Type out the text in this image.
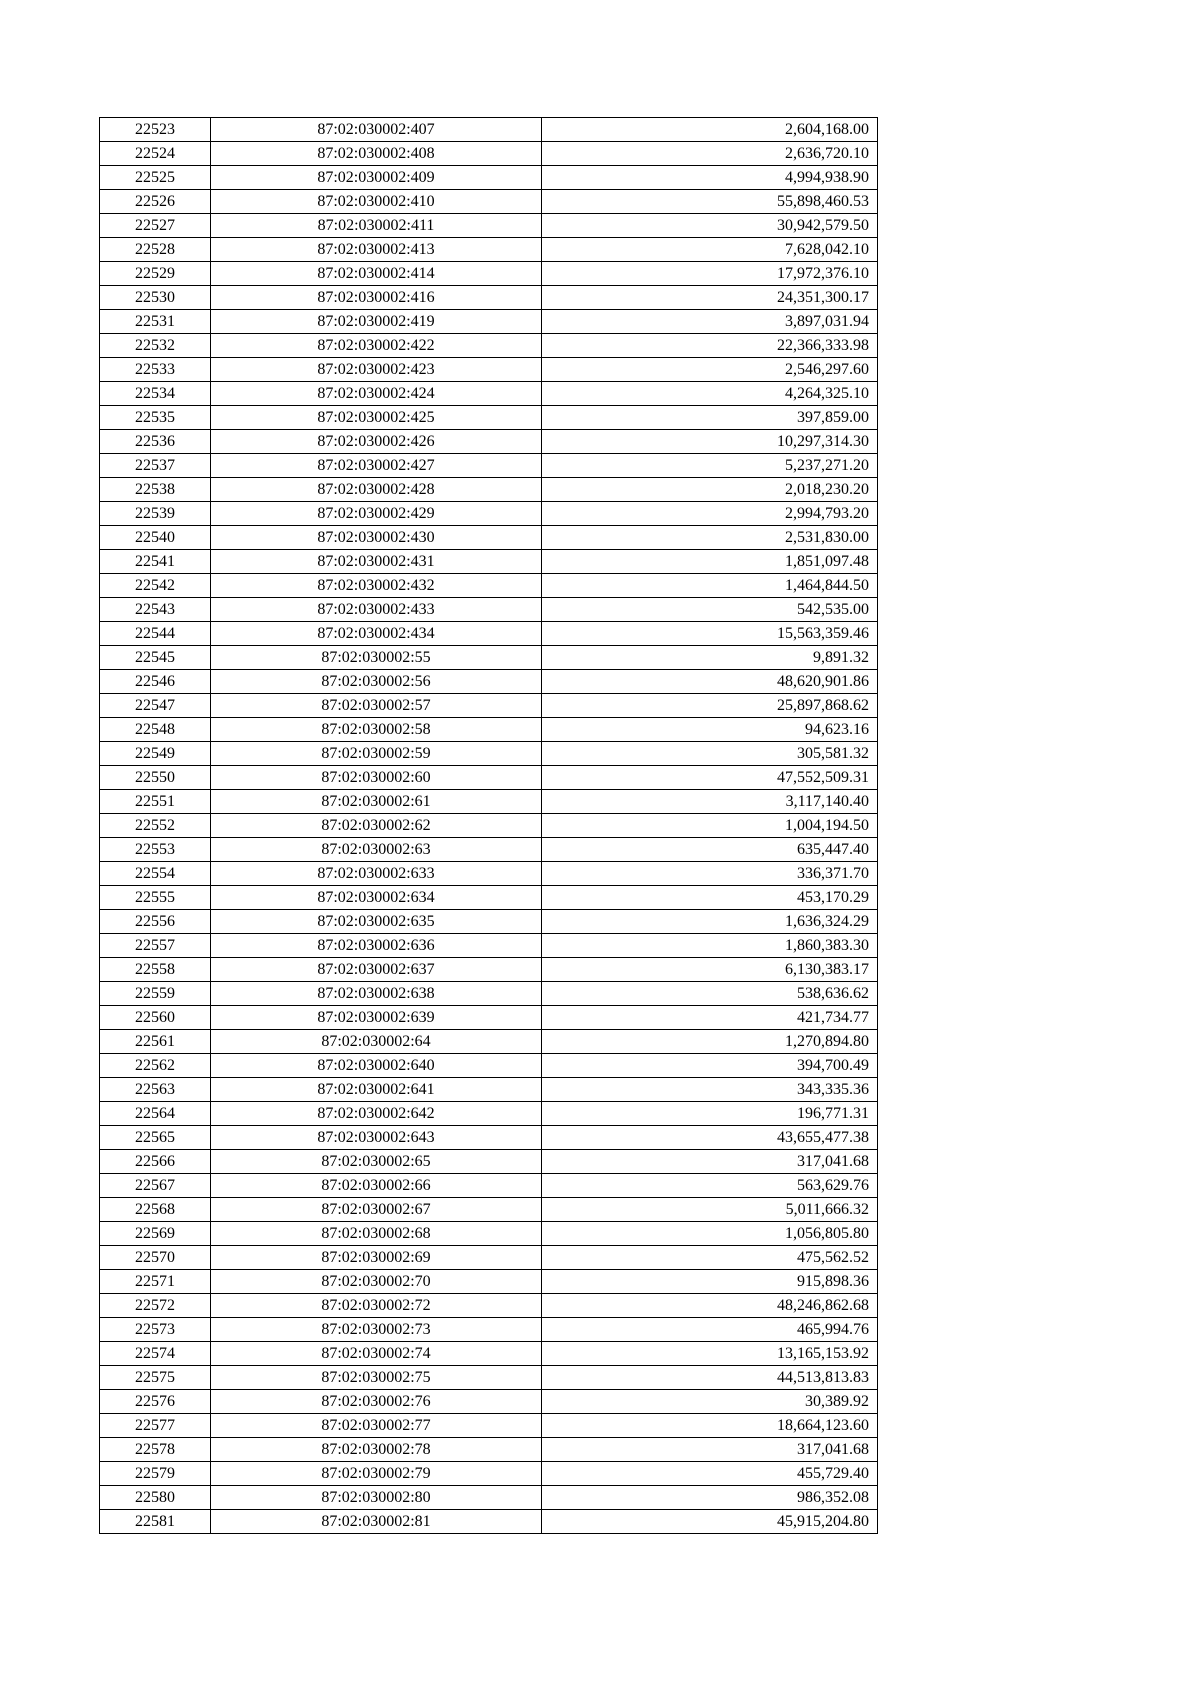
22523	87:02:030002:407	2,604,168.00
22524	87:02:030002:408	2,636,720.10
22525	87:02:030002:409	4,994,938.90
22526	87:02:030002:410	55,898,460.53
22527	87:02:030002:411	30,942,579.50
22528	87:02:030002:413	7,628,042.10
22529	87:02:030002:414	17,972,376.10
22530	87:02:030002:416	24,351,300.17
22531	87:02:030002:419	3,897,031.94
22532	87:02:030002:422	22,366,333.98
22533	87:02:030002:423	2,546,297.60
22534	87:02:030002:424	4,264,325.10
22535	87:02:030002:425	397,859.00
22536	87:02:030002:426	10,297,314.30
22537	87:02:030002:427	5,237,271.20
22538	87:02:030002:428	2,018,230.20
22539	87:02:030002:429	2,994,793.20
22540	87:02:030002:430	2,531,830.00
22541	87:02:030002:431	1,851,097.48
22542	87:02:030002:432	1,464,844.50
22543	87:02:030002:433	542,535.00
22544	87:02:030002:434	15,563,359.46
22545	87:02:030002:55	9,891.32
22546	87:02:030002:56	48,620,901.86
22547	87:02:030002:57	25,897,868.62
22548	87:02:030002:58	94,623.16
22549	87:02:030002:59	305,581.32
22550	87:02:030002:60	47,552,509.31
22551	87:02:030002:61	3,117,140.40
22552	87:02:030002:62	1,004,194.50
22553	87:02:030002:63	635,447.40
22554	87:02:030002:633	336,371.70
22555	87:02:030002:634	453,170.29
22556	87:02:030002:635	1,636,324.29
22557	87:02:030002:636	1,860,383.30
22558	87:02:030002:637	6,130,383.17
22559	87:02:030002:638	538,636.62
22560	87:02:030002:639	421,734.77
22561	87:02:030002:64	1,270,894.80
22562	87:02:030002:640	394,700.49
22563	87:02:030002:641	343,335.36
22564	87:02:030002:642	196,771.31
22565	87:02:030002:643	43,655,477.38
22566	87:02:030002:65	317,041.68
22567	87:02:030002:66	563,629.76
22568	87:02:030002:67	5,011,666.32
22569	87:02:030002:68	1,056,805.80
22570	87:02:030002:69	475,562.52
22571	87:02:030002:70	915,898.36
22572	87:02:030002:72	48,246,862.68
22573	87:02:030002:73	465,994.76
22574	87:02:030002:74	13,165,153.92
22575	87:02:030002:75	44,513,813.83
22576	87:02:030002:76	30,389.92
22577	87:02:030002:77	18,664,123.60
22578	87:02:030002:78	317,041.68
22579	87:02:030002:79	455,729.40
22580	87:02:030002:80	986,352.08
22581	87:02:030002:81	45,915,204.80
